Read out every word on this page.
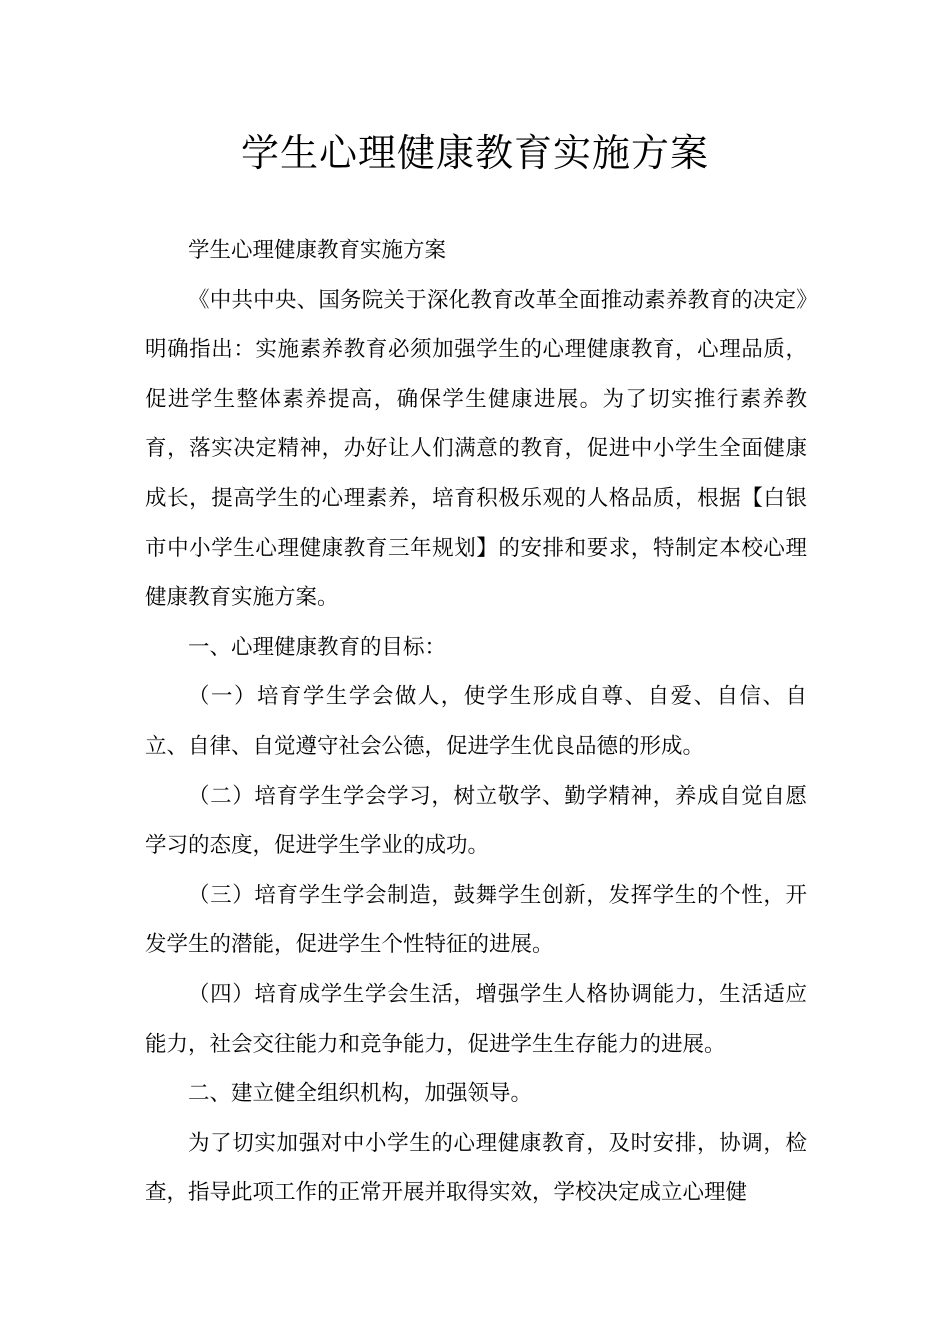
学生心理健康教育实施方案

学生心理健康教育实施方案

《中共中央、国务院关于深化教育改革全面推动素养教育的决定》明确指出：实施素养教育必须加强学生的心理健康教育，心理品质，促进学生整体素养提高，确保学生健康进展。为了切实推行素养教育，落实决定精神，办好让人们满意的教育，促进中小学生全面健康成长，提高学生的心理素养，培育积极乐观的人格品质，根据【白银市中小学生心理健康教育三年规划】的安排和要求，特制定本校心理健康教育实施方案。

一、心理健康教育的目标：

（一）培育学生学会做人，使学生形成自尊、自爱、自信、自立、自律、自觉遵守社会公德，促进学生优良品德的形成。

（二）培育学生学会学习，树立敬学、勤学精神，养成自觉自愿学习的态度，促进学生学业的成功。

（三）培育学生学会制造，鼓舞学生创新，发挥学生的个性，开发学生的潜能，促进学生个性特征的进展。

（四）培育成学生学会生活，增强学生人格协调能力，生活适应能力，社会交往能力和竞争能力，促进学生生存能力的进展。

二、建立健全组织机构，加强领导。

为了切实加强对中小学生的心理健康教育，及时安排，协调，检查，指导此项工作的正常开展并取得实效，学校决定成立心理健
